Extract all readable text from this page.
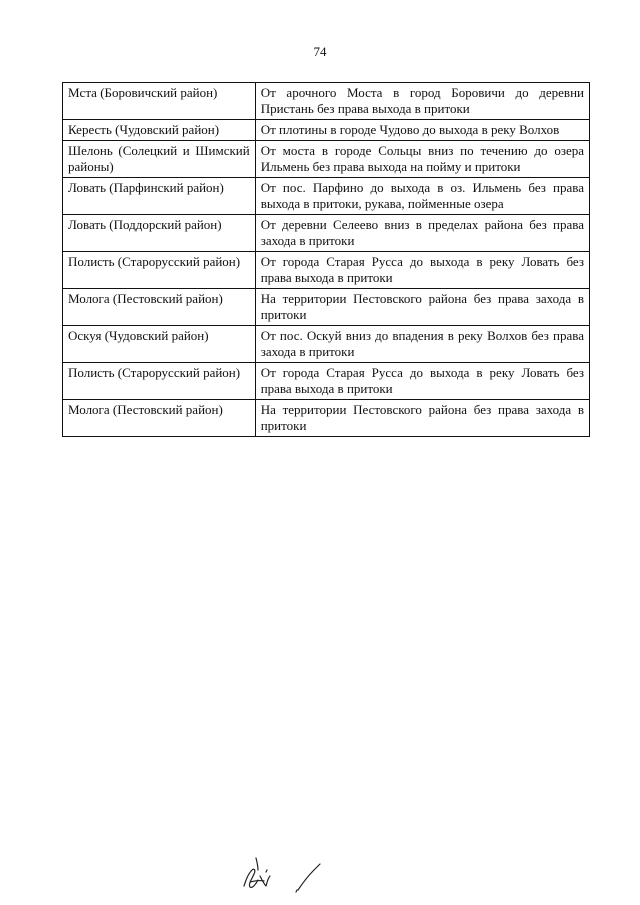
74
Мста (Боровичский район)	От арочного Моста в город Боровичи до деревни Пристань без права выхода в притоки
Кересть (Чудовский район)	От плотины в городе Чудово до выхода в реку Волхов
Шелонь (Солецкий и Шимский районы)	От моста в городе Сольцы вниз по течению до озера Ильмень без права выхода на пойму и притоки
Ловать (Парфинский район)	От пос. Парфино до выхода в оз. Ильмень без права выхода в притоки, рукава, пойменные озера
Ловать (Поддорский район)	От деревни Селеево вниз в пределах района без права захода в притоки
Полисть (Старорусский район)	От города Старая Русса до выхода в реку Ловать без права выхода в притоки
Молога (Пестовский район)	На территории Пестовского района без права захода в притоки
Оскуя (Чудовский район)	От пос. Оскуй вниз до впадения в реку Волхов без права захода в притоки
Полисть (Старорусский район)	От города Старая Русса до выхода в реку Ловать без права выхода в притоки
Молога (Пестовский район)	На территории Пестовского района без права захода в притоки
